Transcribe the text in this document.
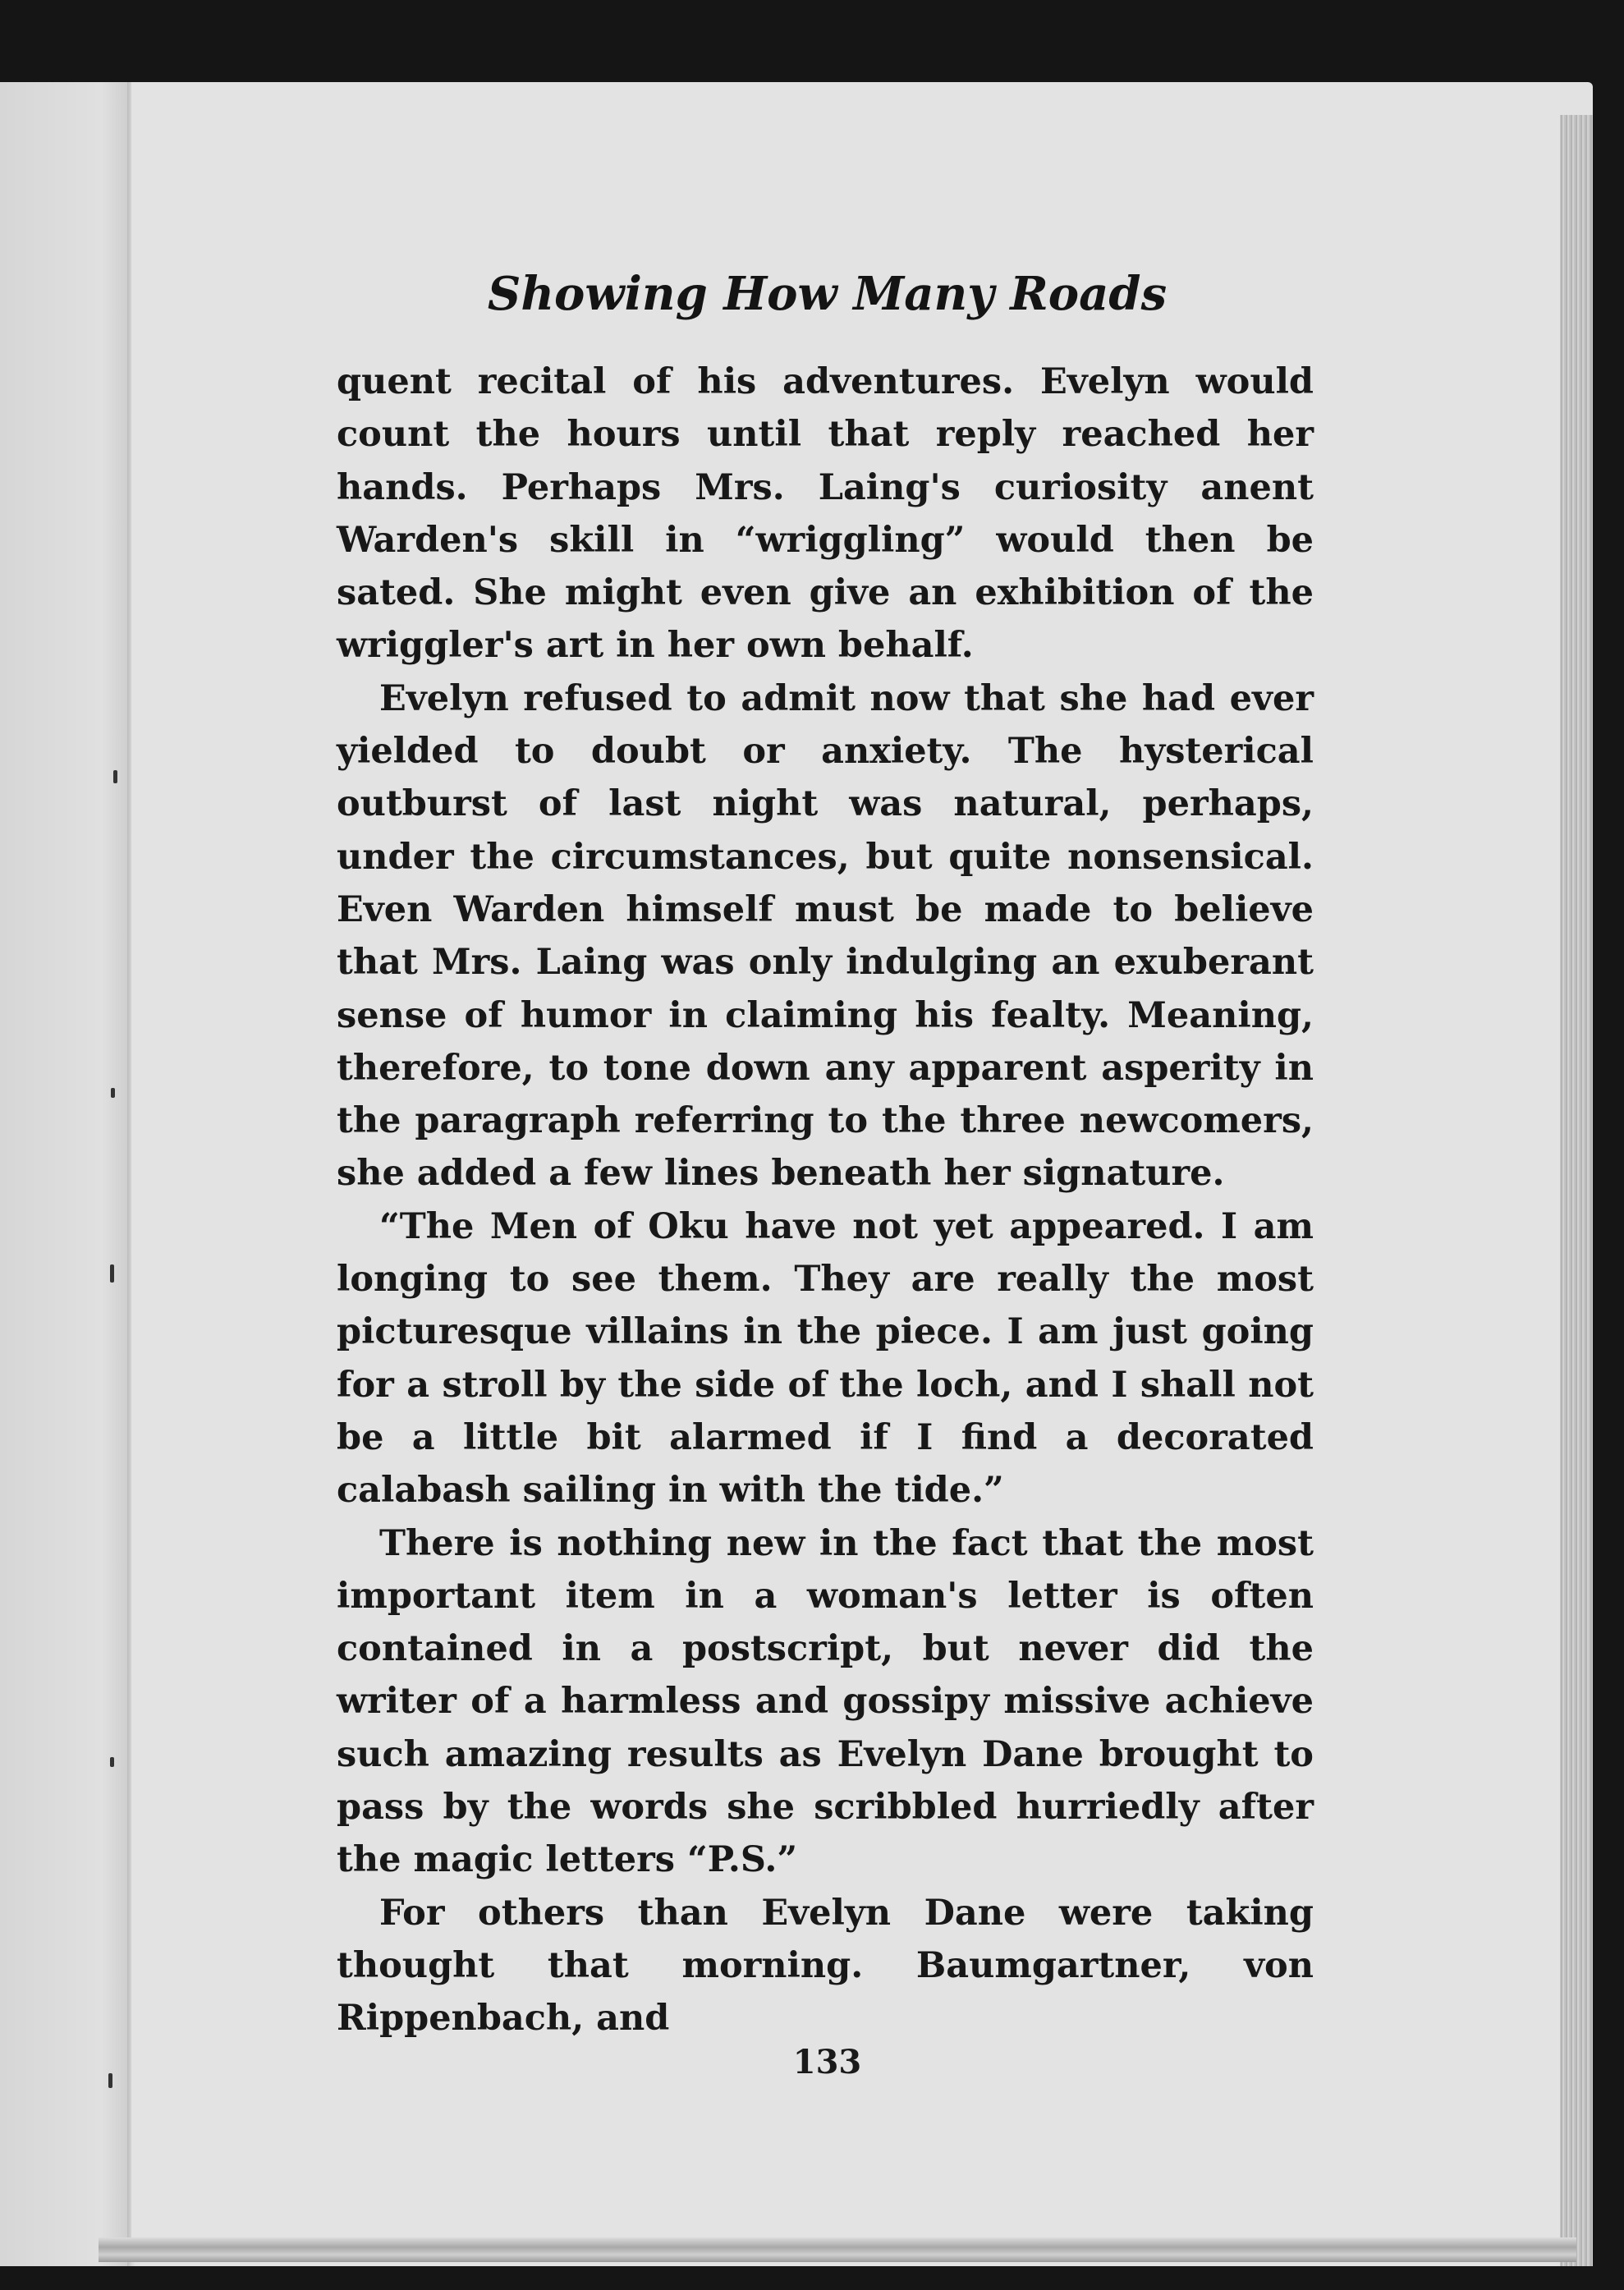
Showing How Many Roads

quent recital of his adventures. Evelyn would count the hours until that reply reached her hands. Perhaps Mrs. Laing's curiosity anent Warden's skill in “wriggling” would then be sated. She might even give an exhibition of the wriggler's art in her own behalf.

Evelyn refused to admit now that she had ever yielded to doubt or anxiety. The hysterical outburst of last night was natural, perhaps, under the circumstances, but quite nonsensical. Even Warden himself must be made to believe that Mrs. Laing was only indulging an exuberant sense of humor in claiming his fealty. Meaning, therefore, to tone down any apparent asperity in the paragraph referring to the three newcomers, she added a few lines beneath her signature.

“The Men of Oku have not yet appeared. I am longing to see them. They are really the most picturesque villains in the piece. I am just going for a stroll by the side of the loch, and I shall not be a little bit alarmed if I find a decorated calabash sailing in with the tide.”

There is nothing new in the fact that the most important item in a woman's letter is often contained in a postscript, but never did the writer of a harmless and gossipy missive achieve such amazing results as Evelyn Dane brought to pass by the words she scribbled hurriedly after the magic letters “P.S.”

For others than Evelyn Dane were taking thought that morning. Baumgartner, von Rippenbach, and

133
